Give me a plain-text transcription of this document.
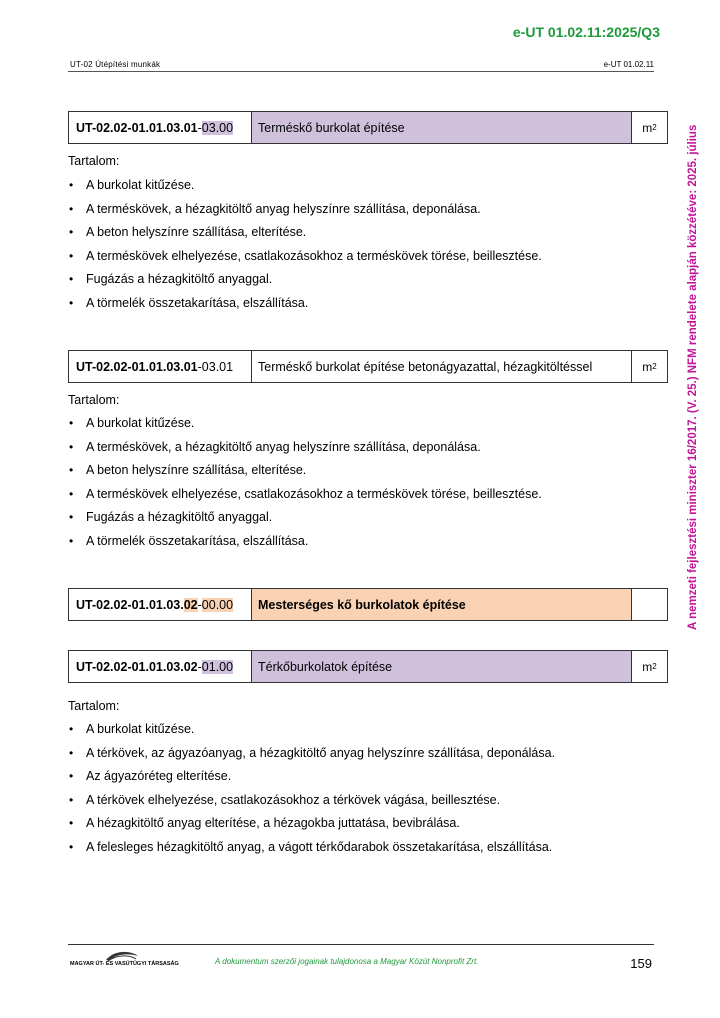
e-UT 01.02.11:2025/Q3
UT-02 Útépítési munkák	e-UT 01.02.11
A nemzeti fejlesztési miniszter 16/2017. (V. 25.) NFM rendelete alapján közzétéve: 2025. július
UT-02.02-01.01.03.01 - 03.00	Terméskő burkolat építése	m 2
Tartalom:
• A burkolat kitűzése.
• A terméskövek, a hézagkitöltő anyag helyszínre szállítása, deponálása.
• A beton helyszínre szállítása, elterítése.
• A terméskövek elhelyezése, csatlakozásokhoz a terméskövek törése, beillesztése.
• Fugázás a hézagkitöltő anyaggal.
• A törmelék összetakarítása, elszállítása.
UT-02.02-01.01.03.01 - 03.01	Terméskő burkolat építése betonágyazattal, hézagkitöltéssel	m 2
Tartalom:
• A burkolat kitűzése.
• A terméskövek, a hézagkitöltő anyag helyszínre szállítása, deponálása.
• A beton helyszínre szállítása, elterítése.
• A terméskövek elhelyezése, csatlakozásokhoz a terméskövek törése, beillesztése.
• Fugázás a hézagkitöltő anyaggal.
• A törmelék összetakarítása, elszállítása.
UT-02.02-01.01.03. 02 - 00.00	Mesterséges kő burkolatok építése
UT-02.02-01.01.03.02 - 01.00	Térkőburkolatok építése	m 2
Tartalom:
• A burkolat kitűzése.
• A térkövek, az ágyazóanyag, a hézagkitöltő anyag helyszínre szállítása, deponálása.
• Az ágyazóréteg elterítése.
• A térkövek elhelyezése, csatlakozásokhoz a térkövek vágása, beillesztése.
• A hézagkitöltő anyag elterítése, a hézagokba juttatása, bevibrálása.
• A felesleges hézagkitöltő anyag, a vágott térkődarabok összetakarítása, elszállítása.
MAGYAR ÚT- ÉS VASÚTÜGYI TÁRSASÁG	A dokumentum szerzői jogainak tulajdonosa a Magyar Közút Nonprofit Zrt.	159
